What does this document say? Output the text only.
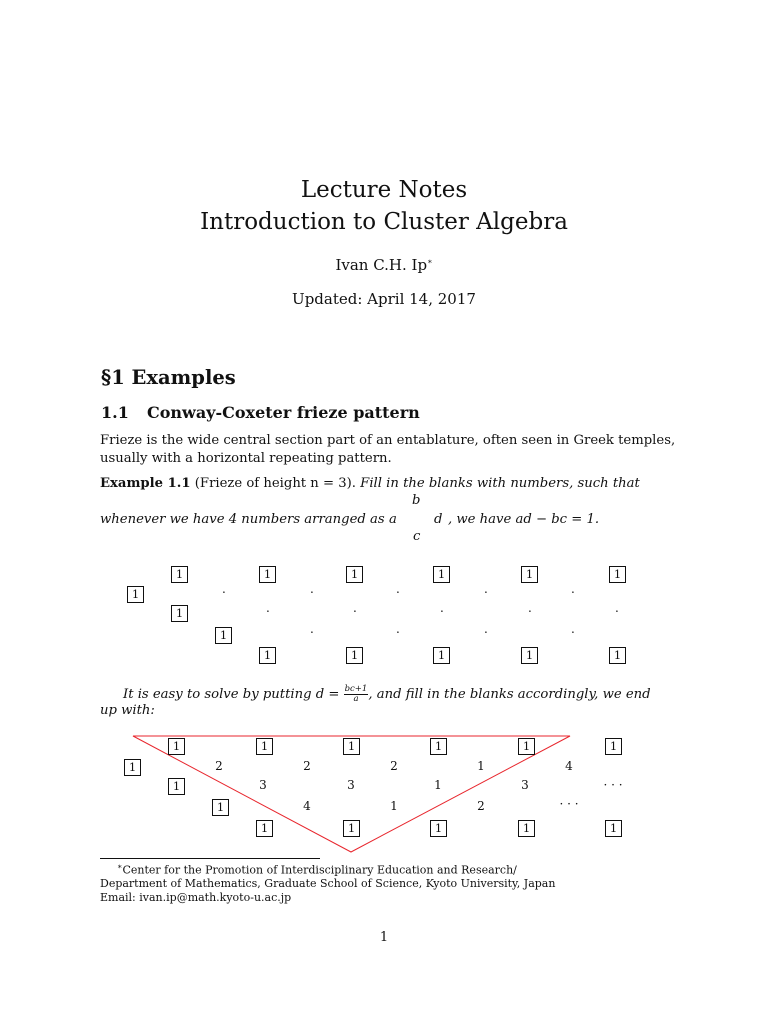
Lecture Notes
Introduction to Cluster Algebra
Ivan C.H. Ip∗
Updated: April 14, 2017
§1 Examples
1.1 Conway-Coxeter frieze pattern
Frieze is the wide central section part of an entablature, often seen in Greek temples,
usually with a horizontal repeating pattern.
Example 1.1 (Frieze of height n = 3). Fill in the blanks with numbers, such that
whenever we have 4 numbers arranged as
b
a	d
c
, we have ad − bc = 1.
1	1	1	1	1	1
1	.	.	.	.	.
1	.	.	.	.	.
1	.	.	.	.
1	1	1	1	1
It is easy to solve by putting $d = \frac{bc+1}{a}$ , and fill in the blanks accordingly, we end
up with:
1	1	1	1	1	1
1	2	2	2	1	4
1	3	3	1	3	· · ·
1	4	1	2	· · ·
1	1	1	1	1
∗Center for the Promotion of Interdisciplinary Education and Research/
Department of Mathematics, Graduate School of Science, Kyoto University, Japan
Email: ivan.ip@math.kyoto-u.ac.jp
1
